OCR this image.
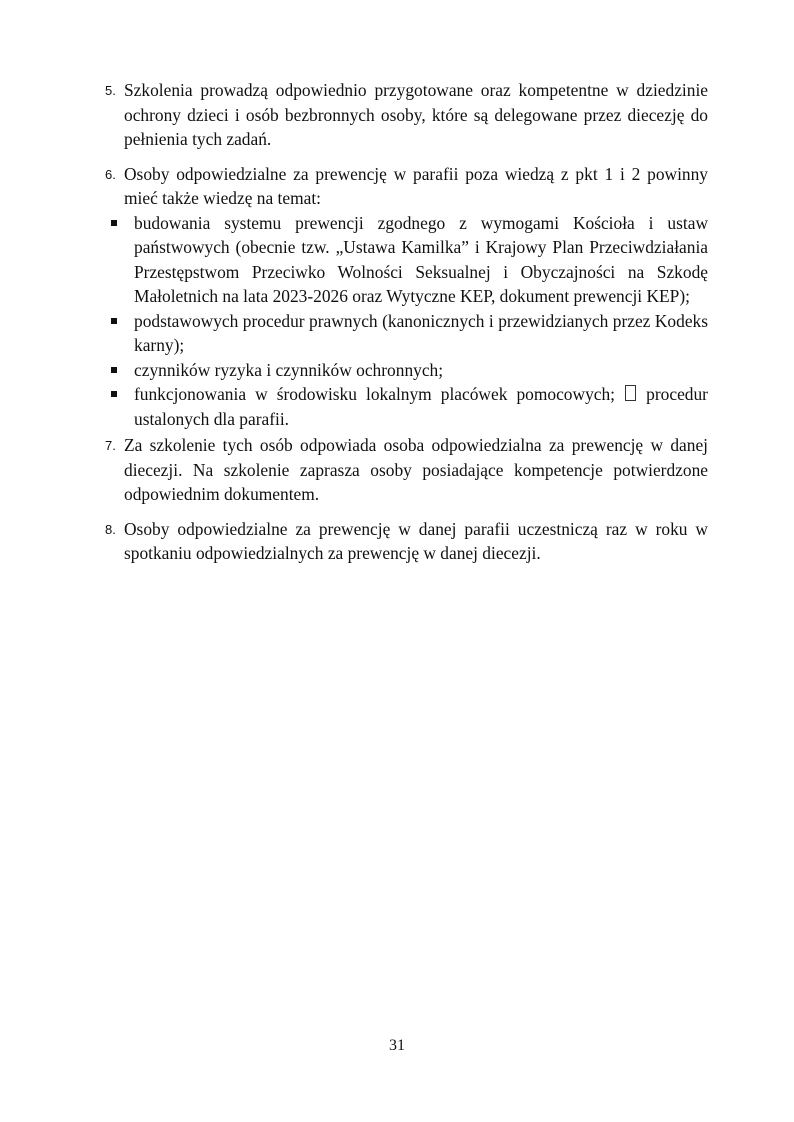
5. Szkolenia prowadzą odpowiednio przygotowane oraz kompetentne w dziedzinie ochrony dzieci i osób bezbronnych osoby, które są delegowane przez diecezję do pełnienia tych zadań.

6. Osoby odpowiedzialne za prewencję w parafii poza wiedzą z pkt 1 i 2 powinny mieć także wiedzę na temat:

budowania systemu prewencji zgodnego z wymogami Kościoła i ustaw państwowych (obecnie tzw. „Ustawa Kamilka” i Krajowy Plan Przeciwdziałania Przestępstwom Przeciwko Wolności Seksualnej i Obyczajności na Szkodę Małoletnich na lata 2023-2026 oraz Wytyczne KEP, dokument prewencji KEP);
podstawowych procedur prawnych (kanonicznych i przewidzianych przez Kodeks karny);
czynników ryzyka i czynników ochronnych;
funkcjonowania w środowisku lokalnym placówek pomocowych; procedur ustalonych dla parafii.

7. Za szkolenie tych osób odpowiada osoba odpowiedzialna za prewencję w danej diecezji. Na szkolenie zaprasza osoby posiadające kompetencje potwierdzone odpowiednim dokumentem.

8. Osoby odpowiedzialne za prewencję w danej parafii uczestniczą raz w roku w spotkaniu odpowiedzialnych za prewencję w danej diecezji.

31
